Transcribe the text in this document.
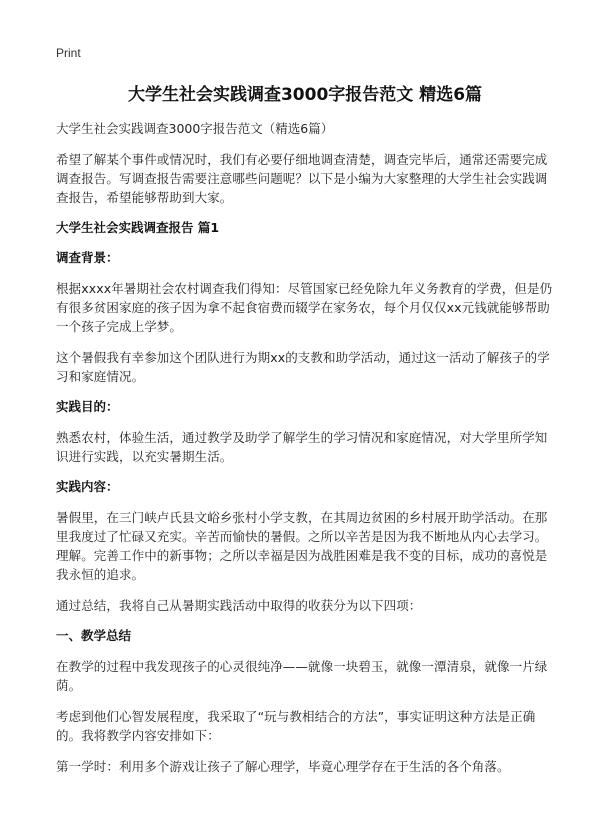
Print
大学生社会实践调查3000字报告范文 精选6篇

大学生社会实践调查3000字报告范文（精选6篇）

希望了解某个事件或情况时，我们有必要仔细地调查清楚，调查完毕后，通常还需要完成调查报告。写调查报告需要注意哪些问题呢？以下是小编为大家整理的大学生社会实践调查报告，希望能够帮助到大家。

大学生社会实践调查报告 篇1

调查背景：

根据xxxx年暑期社会农村调查我们得知：尽管国家已经免除九年义务教育的学费，但是仍有很多贫困家庭的孩子因为拿不起食宿费而辍学在家务农，每个月仅仅xx元钱就能够帮助一个孩子完成上学梦。

这个暑假我有幸参加这个团队进行为期xx的支教和助学活动，通过这一活动了解孩子的学习和家庭情况。

实践目的：

熟悉农村，体验生活，通过教学及助学了解学生的学习情况和家庭情况，对大学里所学知识进行实践，以充实暑期生活。

实践内容：

暑假里，在三门峡卢氏县文峪乡张村小学支教，在其周边贫困的乡村展开助学活动。在那里我度过了忙碌又充实。辛苦而愉快的暑假。之所以辛苦是因为我不断地从内心去学习。理解。完善工作中的新事物；之所以幸福是因为战胜困难是我不变的目标，成功的喜悦是我永恒的追求。

通过总结，我将自己从暑期实践活动中取得的收获分为以下四项：

一、教学总结

在教学的过程中我发现孩子的心灵很纯净——就像一块碧玉，就像一潭清泉，就像一片绿荫。

考虑到他们心智发展程度，我采取了“玩与教相结合的方法”，事实证明这种方法是正确的。我将教学内容安排如下：

第一学时：利用多个游戏让孩子了解心理学，毕竟心理学存在于生活的各个角落。
